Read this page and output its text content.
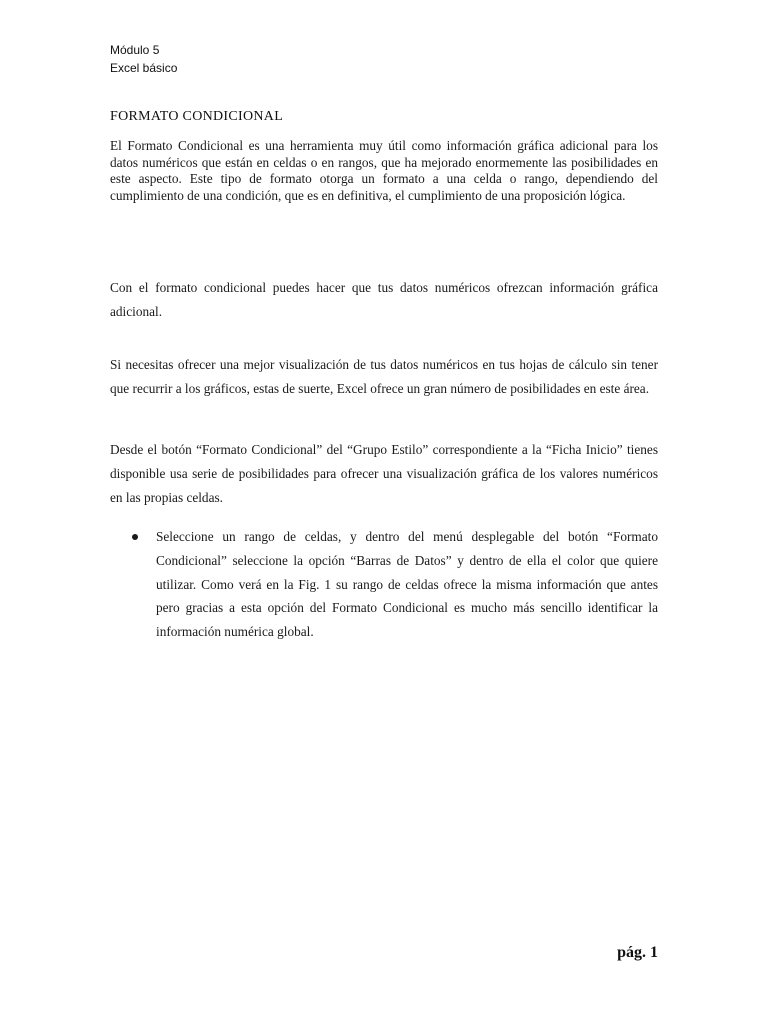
Módulo 5
Excel básico
FORMATO CONDICIONAL

El Formato Condicional es una herramienta muy útil como información gráfica adicional para los datos numéricos que están en celdas o en rangos, que ha mejorado enormemente las posibilidades en este aspecto. Este tipo de formato otorga un formato a una celda o rango, dependiendo del cumplimiento de una condición, que es en definitiva, el cumplimiento de una proposición lógica.

Con el formato condicional puedes hacer que tus datos numéricos ofrezcan información gráfica adicional.

Si necesitas ofrecer una mejor visualización de tus datos numéricos en tus hojas de cálculo sin tener que recurrir a los gráficos, estas de suerte, Excel ofrece un gran número de posibilidades en este área.

Desde el botón “Formato Condicional” del “Grupo Estilo” correspondiente a la “Ficha Inicio” tienes disponible usa serie de posibilidades para ofrecer una visualización gráfica de los valores numéricos en las propias celdas.

Seleccione un rango de celdas, y dentro del menú desplegable del botón “Formato Condicional” seleccione la opción “Barras de Datos” y dentro de ella el color que quiere utilizar. Como verá en la Fig. 1 su rango de celdas ofrece la misma información que antes pero gracias a esta opción del Formato Condicional es mucho más sencillo identificar la información numérica global.
pág. 1
